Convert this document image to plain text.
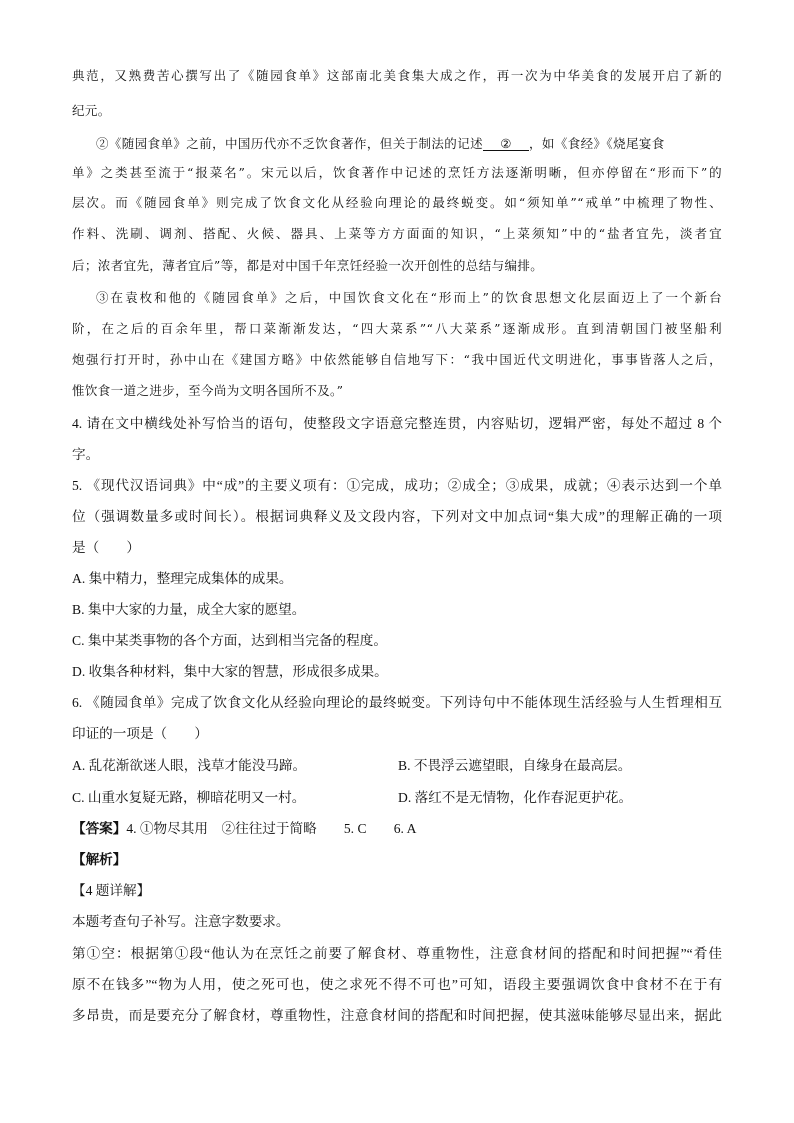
典范，又熟费苦心撰写出了《随园食单》这部南北美食集大成之作，再一次为中华美食的发展开启了新的
纪元。
②《随园食单》之前，中国历代亦不乏饮食著作，但关于制法的记述 ② ，如《食经》《烧尾宴食
单》之类甚至流于“报菜名”。宋元以后，饮食著作中记述的烹饪方法逐渐明晰，但亦停留在“形而下”的
层次。而《随园食单》则完成了饮食文化从经验向理论的最终蜕变。如“须知单”“戒单”中梳理了物性、
作料、洗刷、调剂、搭配、火候、器具、上菜等方方面面的知识，“上菜须知”中的“盐者宜先，淡者宜
后；浓者宜先，薄者宜后”等，都是对中国千年烹饪经验一次开创性的总结与编排。
③在袁枚和他的《随园食单》之后，中国饮食文化在“形而上”的饮食思想文化层面迈上了一个新台
阶，在之后的百余年里，帮口菜渐渐发达，“四大菜系”“八大菜系”逐渐成形。直到清朝国门被坚船利
炮强行打开时，孙中山在《建国方略》中依然能够自信地写下：“我中国近代文明进化，事事皆落人之后，
惟饮食一道之进步，至今尚为文明各国所不及。”
4. 请在文中横线处补写恰当的语句，使整段文字语意完整连贯，内容贴切，逻辑严密，每处不超过 8 个
字。
5. 《现代汉语词典》中“成”的主要义项有：①完成，成功；②成全；③成果，成就；④表示达到一个单
位（强调数量多或时间长）。根据词典释义及文段内容，下列对文中加点词“集大成”的理解正确的一项
是（　　）
A. 集中精力，整理完成集体的成果。
B. 集中大家的力量，成全大家的愿望。
C. 集中某类事物的各个方面，达到相当完备的程度。
D. 收集各种材料，集中大家的智慧，形成很多成果。
6. 《随园食单》完成了饮食文化从经验向理论的最终蜕变。下列诗句中不能体现生活经验与人生哲理相互
印证的一项是（　　）
A. 乱花渐欲迷人眼，浅草才能没马蹄。	B. 不畏浮云遮望眼，自缘身在最高层。
C. 山重水复疑无路，柳暗花明又一村。	D. 落红不是无情物，化作春泥更护花。
【答案】4. ①物尽其用　②往往过于简略　　5. C　　6. A
【解析】
【4 题详解】
本题考查句子补写。注意字数要求。
第①空：根据第①段“他认为在烹饪之前要了解食材、尊重物性，注意食材间的搭配和时间把握”“肴佳
原不在钱多”“物为人用，使之死可也，使之求死不得不可也”可知，语段主要强调饮食中食材不在于有
多昂贵，而是要充分了解食材，尊重物性，注意食材间的搭配和时间把握，使其滋味能够尽显出来，据此
